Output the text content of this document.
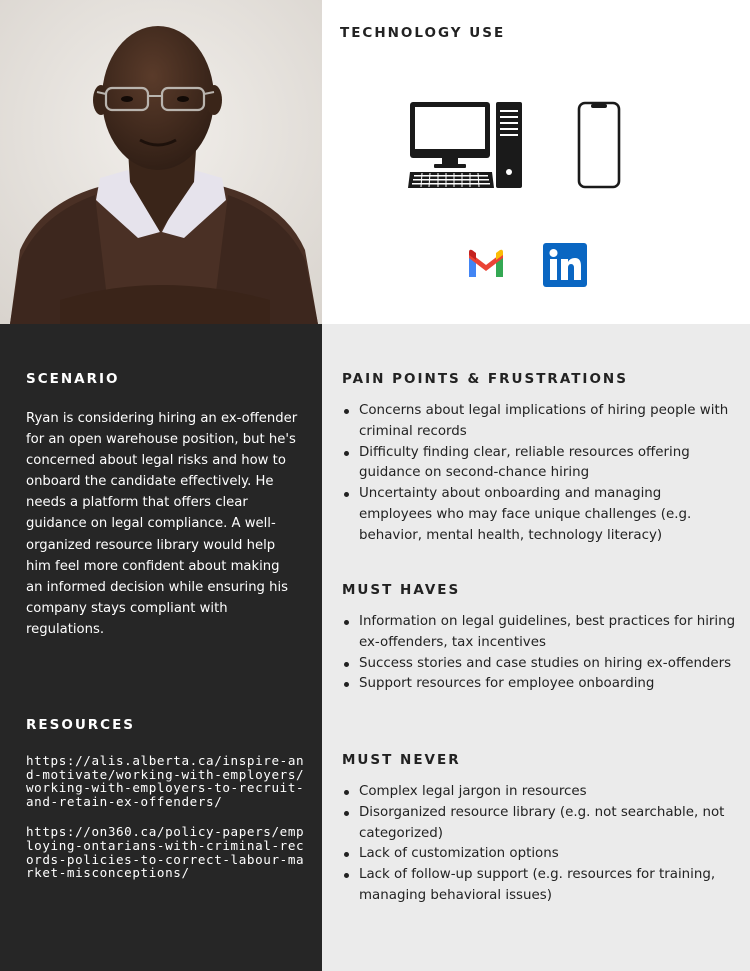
TECHNOLOGY USE
SCENARIO

Ryan is considering hiring an ex-offender for an open warehouse position, but he's concerned about legal risks and how to onboard the candidate effectively. He needs a platform that offers clear guidance on legal compliance. A well-organized resource library would help him feel more confident about making an informed decision while ensuring his company stays compliant with regulations.

RESOURCES
https://alis.alberta.ca/inspire-and-motivate/working-with-employers/working-with-employers-to-recruit-and-retain-ex-offenders/
https://on360.ca/policy-papers/employing-ontarians-with-criminal-records-policies-to-correct-labour-market-misconceptions/
PAIN POINTS & FRUSTRATIONS
Concerns about legal implications of hiring people with criminal records
Difficulty finding clear, reliable resources offering guidance on second-chance hiring
Uncertainty about onboarding and managing employees who may face unique challenges (e.g. behavior, mental health, technology literacy)
MUST HAVES
Information on legal guidelines, best practices for hiring ex-offenders, tax incentives
Success stories and case studies on hiring ex-offenders
Support resources for employee onboarding
MUST NEVER
Complex legal jargon in resources
Disorganized resource library (e.g. not searchable, not categorized)
Lack of customization options
Lack of follow-up support (e.g. resources for training, managing behavioral issues)
